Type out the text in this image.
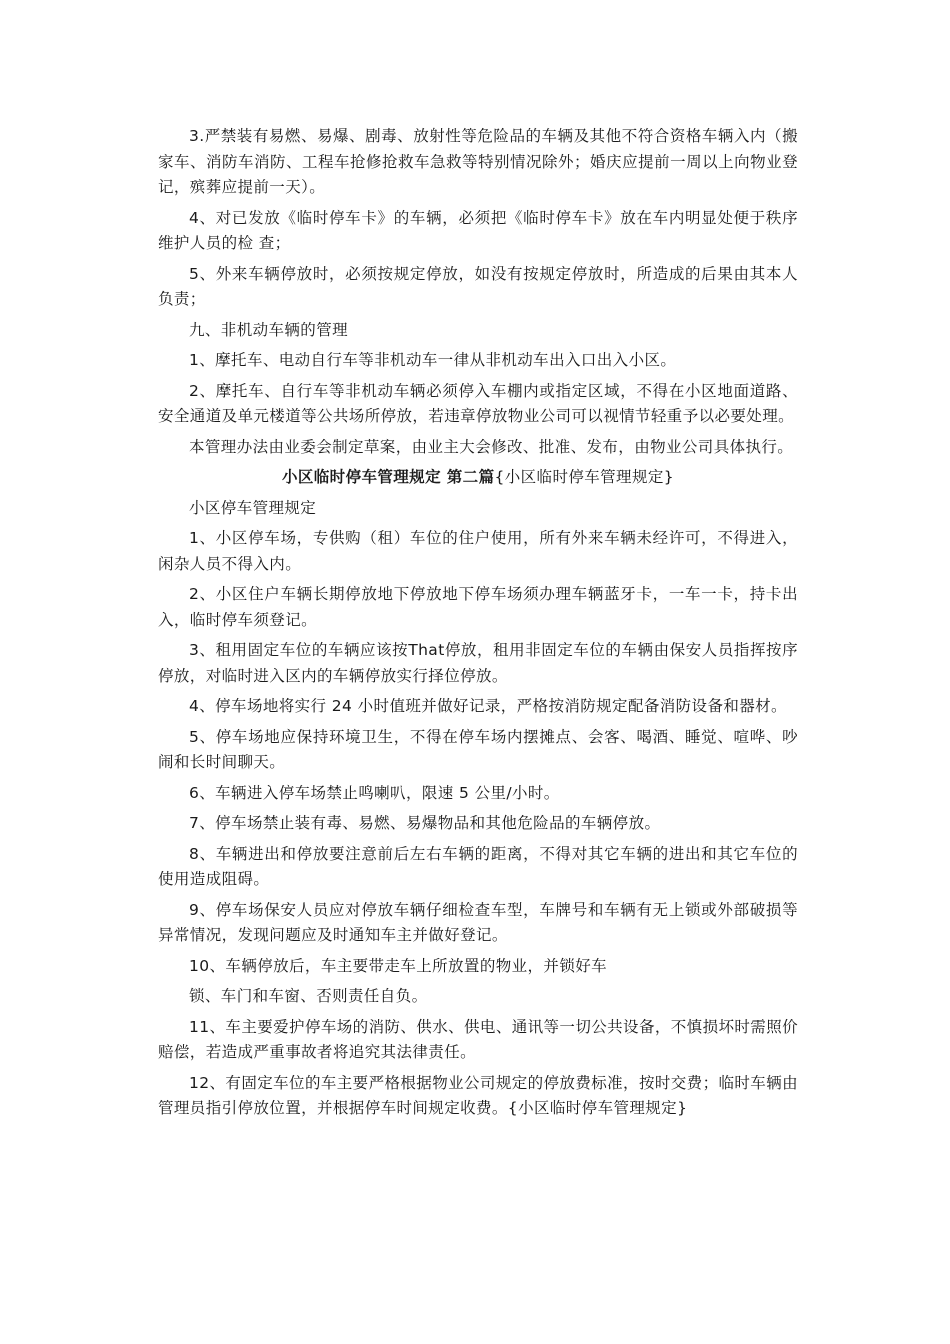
3.严禁装有易燃、易爆、剧毒、放射性等危险品的车辆及其他不符合资格车辆入内（搬家车、消防车消防、工程车抢修抢救车急救等特别情况除外；婚庆应提前一周以上向物业登记，殡葬应提前一天）。

4、对已发放《临时停车卡》的车辆，必须把《临时停车卡》放在车内明显处便于秩序维护人员的检 查；

5、外来车辆停放时，必须按规定停放，如没有按规定停放时，所造成的后果由其本人负责；

九、非机动车辆的管理

1、摩托车、电动自行车等非机动车一律从非机动车出入口出入小区。

2、摩托车、自行车等非机动车辆必须停入车棚内或指定区域，不得在小区地面道路、安全通道及单元楼道等公共场所停放，若违章停放物业公司可以视情节轻重予以必要处理。

本管理办法由业委会制定草案，由业主大会修改、批准、发布，由物业公司具体执行。

小区临时停车管理规定 第二篇{小区临时停车管理规定}

小区停车管理规定

1、小区停车场，专供购（租）车位的住户使用，所有外来车辆未经许可，不得进入，闲杂人员不得入内。

2、小区住户车辆长期停放地下停放地下停车场须办理车辆蓝牙卡，一车一卡，持卡出入，临时停车须登记。

3、租用固定车位的车辆应该按That停放，租用非固定车位的车辆由保安人员指挥按序停放，对临时进入区内的车辆停放实行择位停放。

4、停车场地将实行 24 小时值班并做好记录，严格按消防规定配备消防设备和器材。

5、停车场地应保持环境卫生，不得在停车场内摆摊点、会客、喝酒、睡觉、喧哗、吵闹和长时间聊天。

6、车辆进入停车场禁止鸣喇叭，限速 5 公里/小时。

7、停车场禁止装有毒、易燃、易爆物品和其他危险品的车辆停放。

8、车辆进出和停放要注意前后左右车辆的距离，不得对其它车辆的进出和其它车位的使用造成阻碍。

9、停车场保安人员应对停放车辆仔细检查车型，车牌号和车辆有无上锁或外部破损等异常情况，发现问题应及时通知车主并做好登记。

10、车辆停放后，车主要带走车上所放置的物业，并锁好车

锁、车门和车窗、否则责任自负。

11、车主要爱护停车场的消防、供水、供电、通讯等一切公共设备，不慎损坏时需照价赔偿，若造成严重事故者将追究其法律责任。

12、有固定车位的车主要严格根据物业公司规定的停放费标准，按时交费；临时车辆由管理员指引停放位置，并根据停车时间规定收费。{小区临时停车管理规定}
